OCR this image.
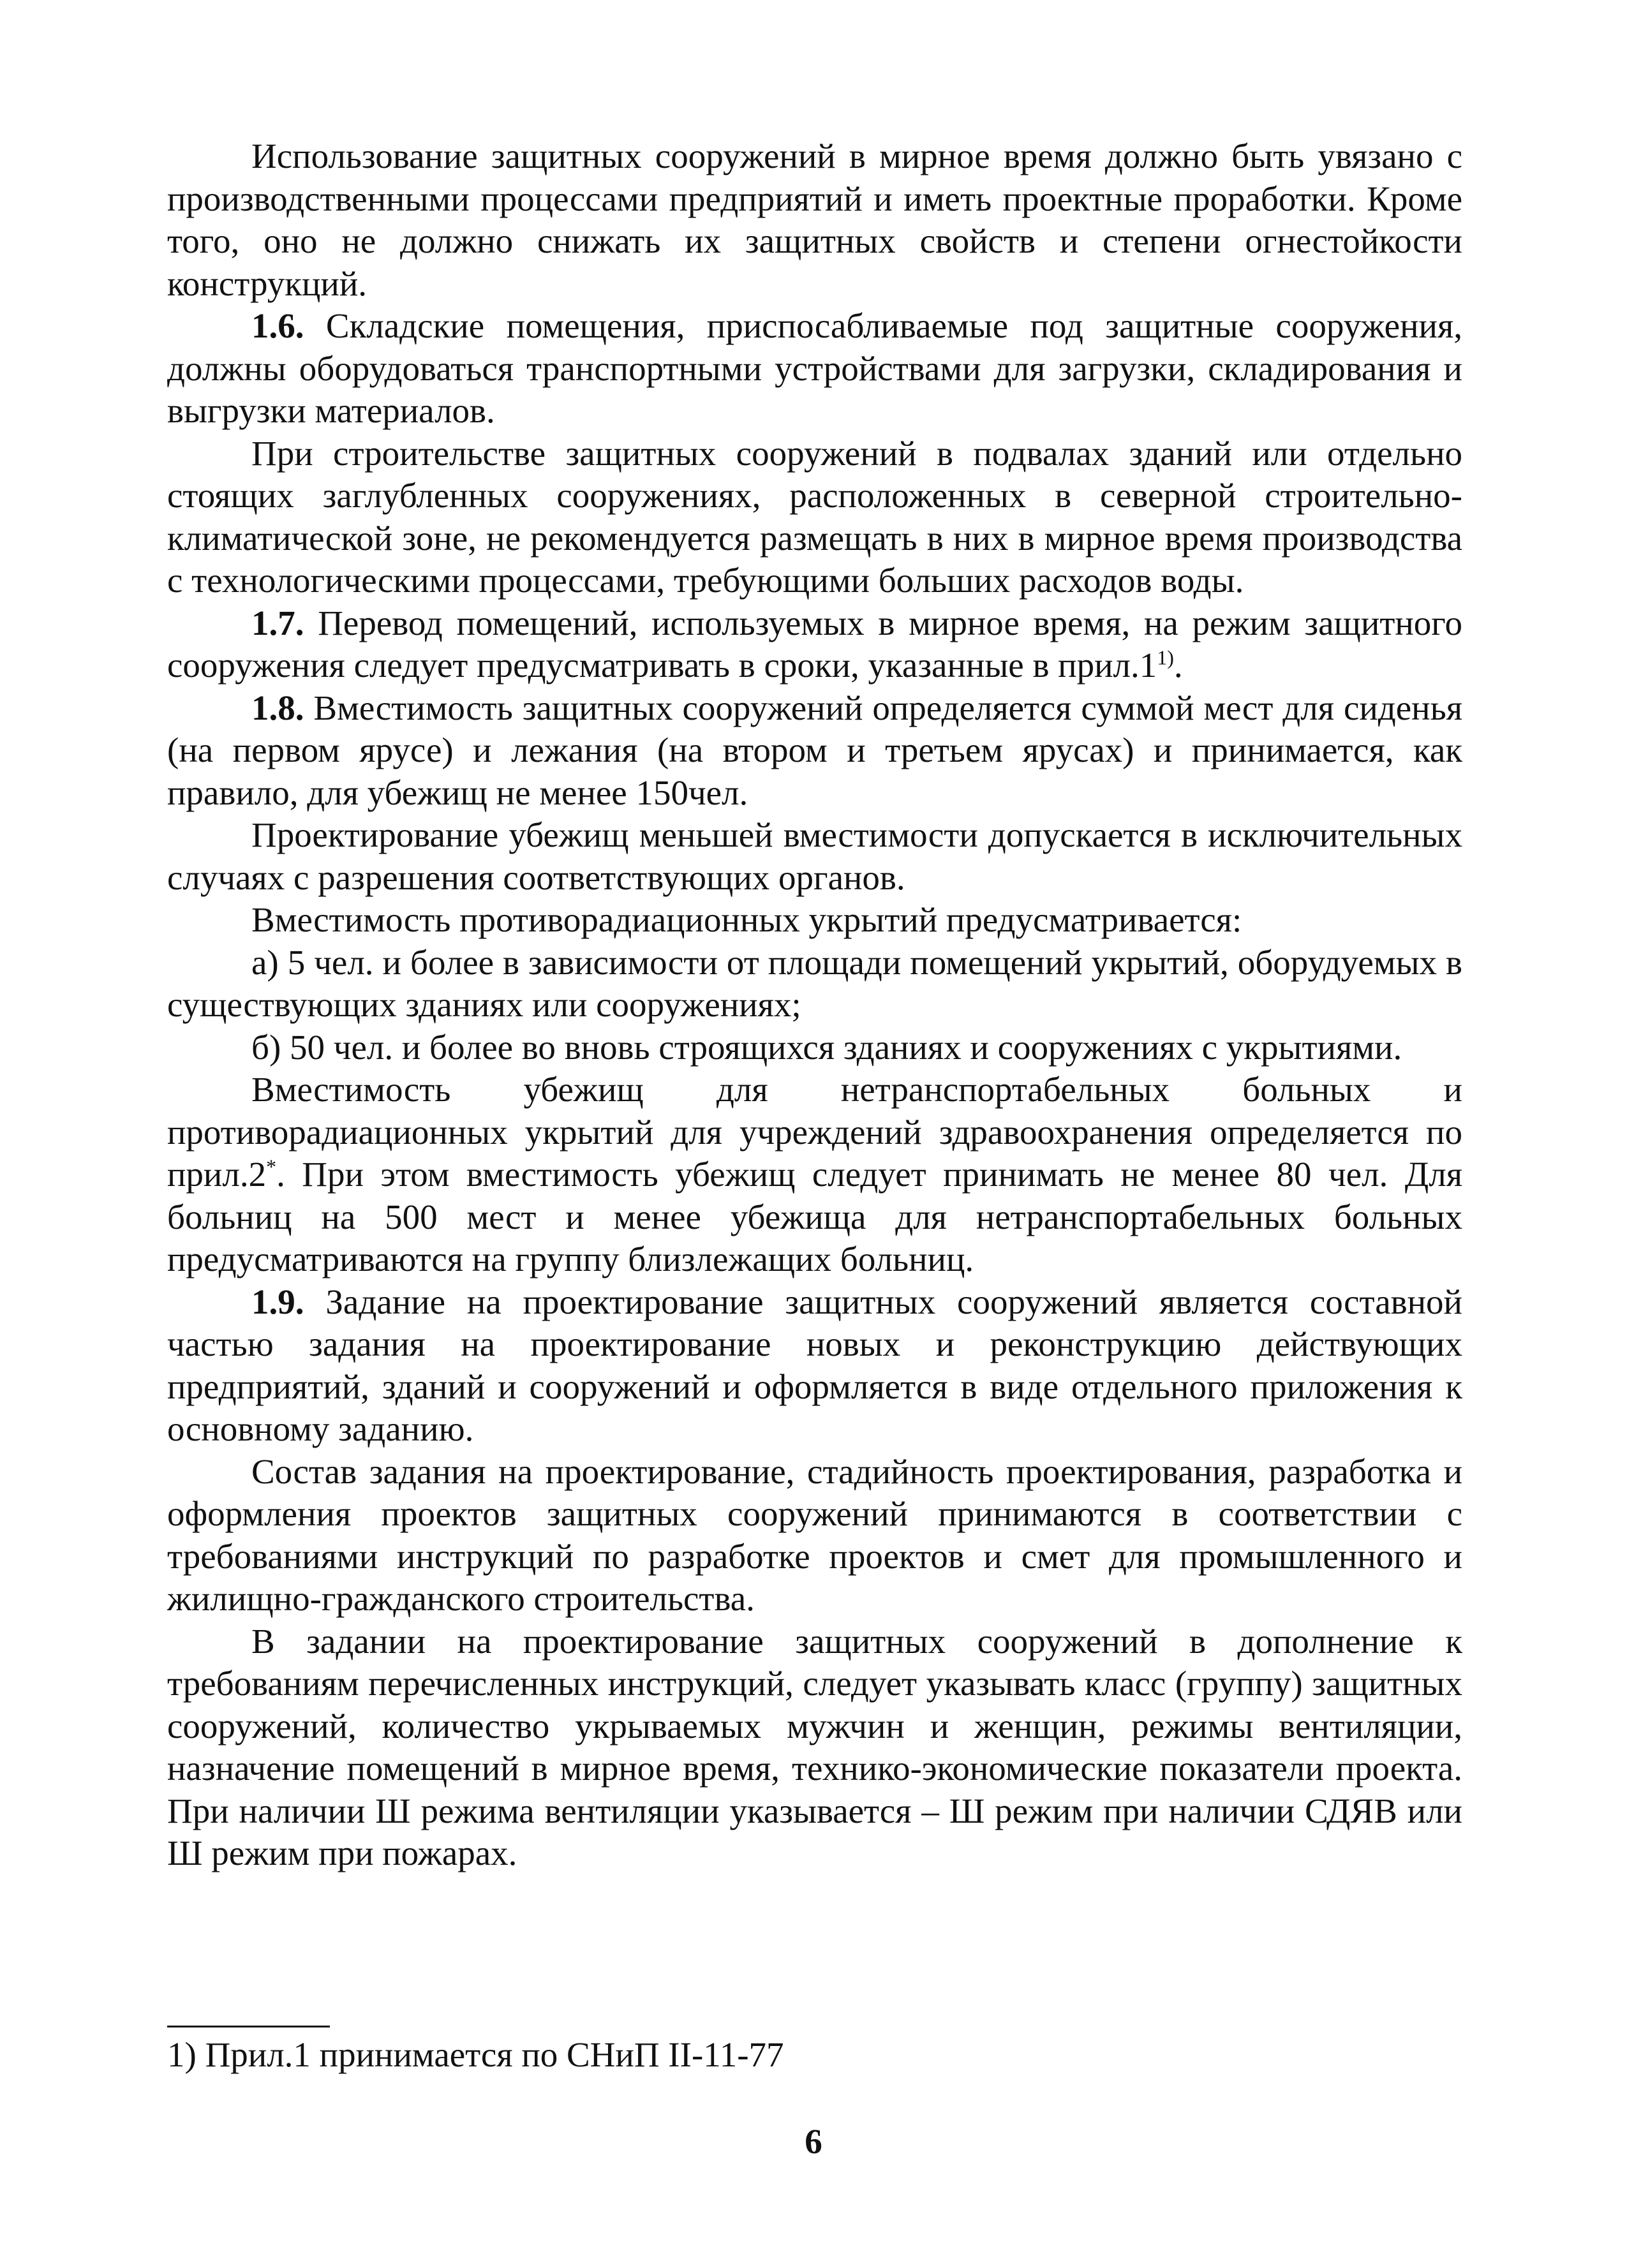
Использование защитных сооружений в мирное время должно быть увязано с производственными процессами предприятий и иметь проектные проработки. Кроме того, оно не должно снижать их защитных свойств и степени огнестойкости конструкций.

1.6. Складские помещения, приспосабливаемые под защитные сооружения, должны оборудоваться транспортными устройствами для загрузки, складирования и выгрузки материалов.

При строительстве защитных сооружений в подвалах зданий или отдельно стоящих заглубленных сооружениях, расположенных в северной строительно-климатической зоне, не рекомендуется размещать в них в мирное время производства с технологическими процессами, требующими больших расходов воды.

1.7. Перевод помещений, используемых в мирное время, на режим защитного сооружения следует предусматривать в сроки, указанные в прил.1$^{1)}$.

1.8. Вместимость защитных сооружений определяется суммой мест для сиденья (на первом ярусе) и лежания (на втором и третьем ярусах) и принимается, как правило, для убежищ не менее 150чел.

Проектирование убежищ меньшей вместимости допускается в исключительных случаях с разрешения соответствующих органов.

Вместимость противорадиационных укрытий предусматривается:

а) 5 чел. и более в зависимости от площади помещений укрытий, оборудуемых в существующих зданиях или сооружениях;

б) 50 чел. и более во вновь строящихся зданиях и сооружениях с укрытиями.

Вместимость убежищ для нетранспортабельных больных и противорадиационных укрытий для учреждений здравоохранения определяется по прил.2*. При этом вместимость убежищ следует принимать не менее 80 чел. Для больниц на 500 мест и менее убежища для нетранспортабельных больных предусматриваются на группу близлежащих больниц.

1.9. Задание на проектирование защитных сооружений является составной частью задания на проектирование новых и реконструкцию действующих предприятий, зданий и сооружений и оформляется в виде отдельного приложения к основному заданию.

Состав задания на проектирование, стадийность проектирования, разработка и оформления проектов защитных сооружений принимаются в соответствии с требованиями инструкций по разработке проектов и смет для промышленного и жилищно-гражданского строительства.

В задании на проектирование защитных сооружений в дополнение к требованиям перечисленных инструкций, следует указывать класс (группу) защитных сооружений, количество укрываемых мужчин и женщин, режимы вентиляции, назначение помещений в мирное время, технико-экономические показатели проекта. При наличии Ш режима вентиляции указывается – Ш режим при наличии СДЯВ или Ш режим при пожарах.

1) Прил.1 принимается по СНиП II-11-77

6
